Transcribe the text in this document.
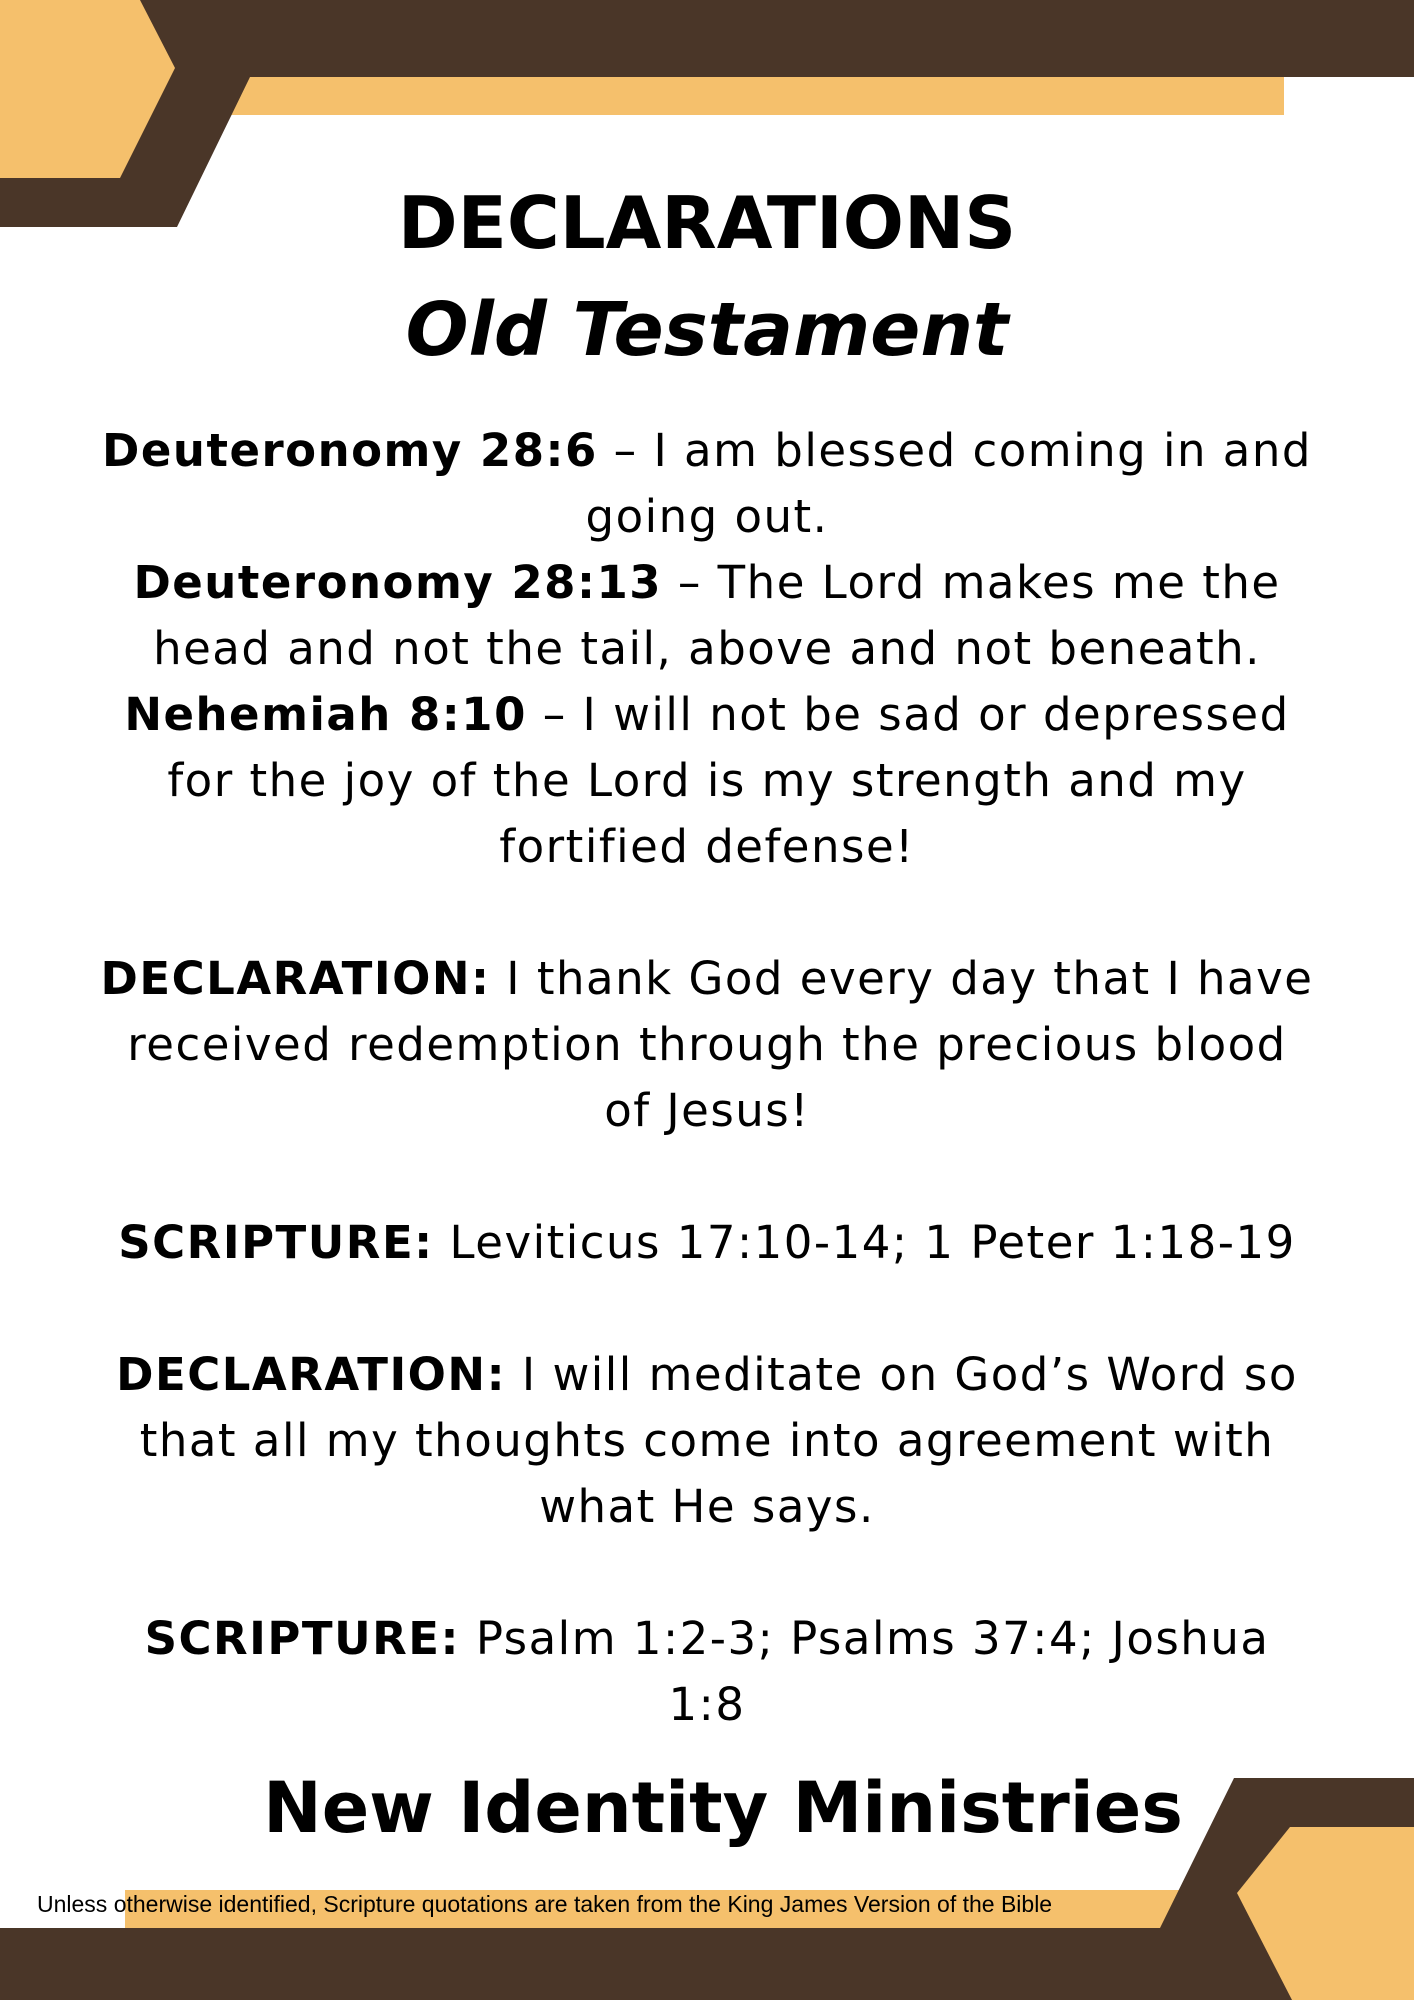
DECLARATIONS
Old Testament

Deuteronomy 28:6 – I am blessed coming in and going out.

Deuteronomy 28:13 – The Lord makes me the head and not the tail, above and not beneath.

Nehemiah 8:10 – I will not be sad or depressed for the joy of the Lord is my strength and my fortified defense!

DECLARATION: I thank God every day that I have received redemption through the precious blood of Jesus!

SCRIPTURE: Leviticus 17:10-14; 1 Peter 1:18-19

DECLARATION: I will meditate on God’s Word so that all my thoughts come into agreement with what He says.

SCRIPTURE: Psalm 1:2-3; Psalms 37:4; Joshua 1:8

New Identity Ministries
Unless otherwise identified, Scripture quotations are taken from the King James Version of the Bible
